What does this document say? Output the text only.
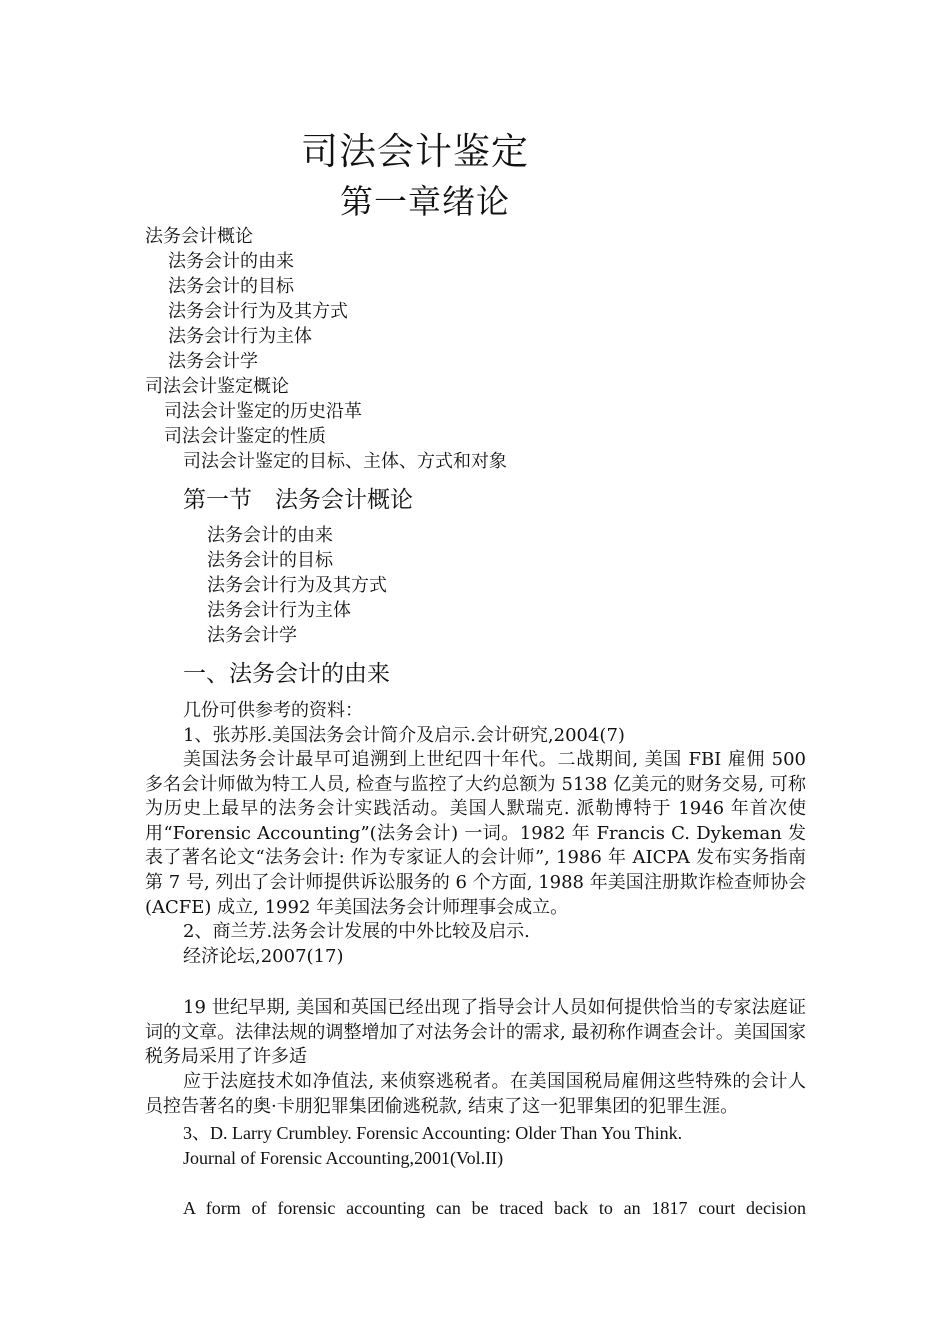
司法会计鉴定
第一章绪论
法务会计概论
法务会计的由来
法务会计的目标
法务会计行为及其方式
法务会计行为主体
法务会计学
司法会计鉴定概论
司法会计鉴定的历史沿革
司法会计鉴定的性质
司法会计鉴定的目标、主体、方式和对象
第一节　法务会计概论
法务会计的由来
法务会计的目标
法务会计行为及其方式
法务会计行为主体
法务会计学
一、法务会计的由来
几份可供参考的资料：
1、张苏彤.美国法务会计简介及启示.会计研究,2004(7)
美国法务会计最早可追溯到上世纪四十年代。二战期间, 美国 FBI 雇佣 500 多名会计师做为特工人员, 检查与监控了大约总额为 5138 亿美元的财务交易, 可称为历史上最早的法务会计实践活动。美国人默瑞克. 派勒博特于 1946 年首次使用“Forensic Accounting”(法务会计) 一词。1982 年 Francis C. Dykeman 发表了著名论文“法务会计: 作为专家证人的会计师”, 1986 年 AICPA 发布实务指南第 7 号, 列出了会计师提供诉讼服务的 6 个方面, 1988 年美国注册欺诈检查师协会(ACFE) 成立, 1992 年美国法务会计师理事会成立。
2、商兰芳.法务会计发展的中外比较及启示.
经济论坛,2007(17)
19 世纪早期, 美国和英国已经出现了指导会计人员如何提供恰当的专家法庭证词的文章。法律法规的调整增加了对法务会计的需求, 最初称作调查会计。美国国家税务局采用了许多适
应于法庭技术如净值法, 来侦察逃税者。在美国国税局雇佣这些特殊的会计人员控告著名的奥·卡朋犯罪集团偷逃税款, 结束了这一犯罪集团的犯罪生涯。
3、D. Larry Crumbley. Forensic Accounting: Older Than You Think.
Journal of Forensic Accounting,2001(Vol.II)
A form of forensic accounting can be traced back to an 1817 court decision
